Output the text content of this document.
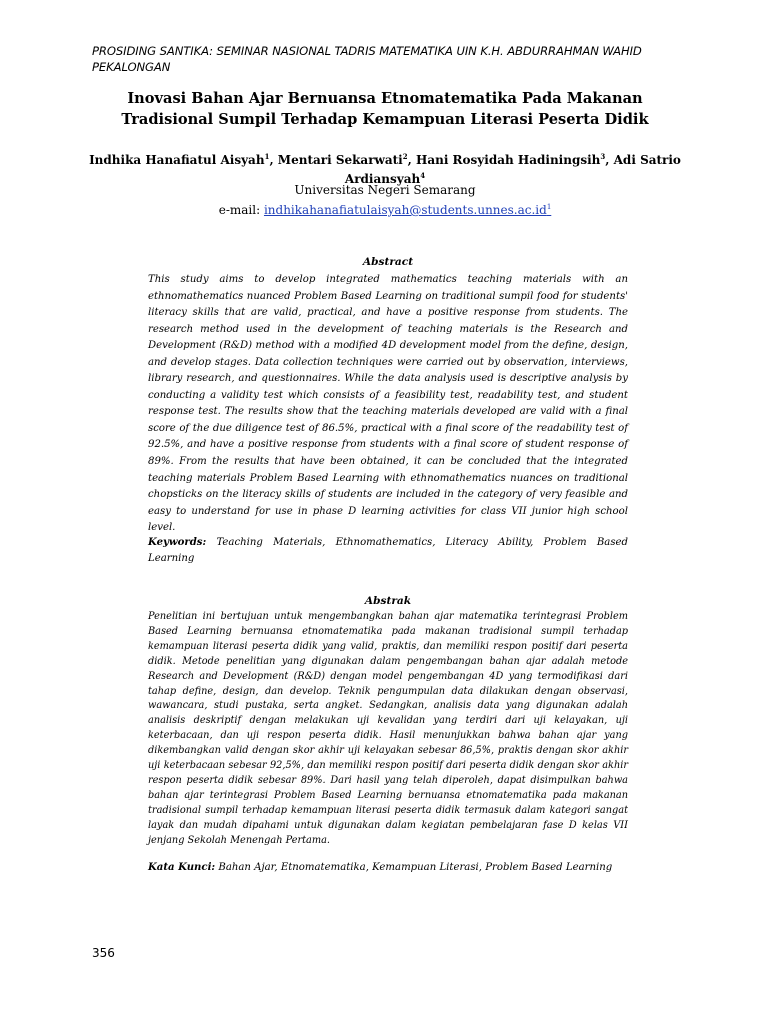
PROSIDING SANTIKA: SEMINAR NASIONAL TADRIS MATEMATIKA UIN K.H. ABDURRAHMAN WAHID PEKALONGAN
Inovasi Bahan Ajar Bernuansa Etnomatematika Pada Makanan Tradisional Sumpil Terhadap Kemampuan Literasi Peserta Didik
Indhika Hanafiatul Aisyah$^1$, Mentari Sekarwati$^2$, Hani Rosyidah Hadiningsih$^3$, Adi Satrio Ardiansyah$^4$
Universitas Negeri Semarang
e-mail: indhikahanafiatulaisyah@students.unnes.ac.id$^1$
Abstract
This study aims to develop integrated mathematics teaching materials with an ethnomathematics nuanced Problem Based Learning on traditional sumpil food for students' literacy skills that are valid, practical, and have a positive response from students. The research method used in the development of teaching materials is the Research and Development (R&D) method with a modified 4D development model from the define, design, and develop stages. Data collection techniques were carried out by observation, interviews, library research, and questionnaires. While the data analysis used is descriptive analysis by conducting a validity test which consists of a feasibility test, readability test, and student response test. The results show that the teaching materials developed are valid with a final score of the due diligence test of 86.5%, practical with a final score of the readability test of 92.5%, and have a positive response from students with a final score of student response of 89%. From the results that have been obtained, it can be concluded that the integrated teaching materials Problem Based Learning with ethnomathematics nuances on traditional chopsticks on the literacy skills of students are included in the category of very feasible and easy to understand for use in phase D learning activities for class VII junior high school level.
Keywords: Teaching Materials, Ethnomathematics, Literacy Ability, Problem Based Learning
Abstrak
Penelitian ini bertujuan untuk mengembangkan bahan ajar matematika terintegrasi Problem Based Learning bernuansa etnomatematika pada makanan tradisional sumpil terhadap kemampuan literasi peserta didik yang valid, praktis, dan memiliki respon positif dari peserta didik. Metode penelitian yang digunakan dalam pengembangan bahan ajar adalah metode Research and Development (R&D) dengan model pengembangan 4D yang termodifikasi dari tahap define, design, dan develop. Teknik pengumpulan data dilakukan dengan observasi, wawancara, studi pustaka, serta angket. Sedangkan, analisis data yang digunakan adalah analisis deskriptif dengan melakukan uji kevalidan yang terdiri dari uji kelayakan, uji keterbacaan, dan uji respon peserta didik. Hasil menunjukkan bahwa bahan ajar yang dikembangkan valid dengan skor akhir uji kelayakan sebesar 86,5%, praktis dengan skor akhir uji keterbacaan sebesar 92,5%, dan memiliki respon positif dari peserta didik dengan skor akhir respon peserta didik sebesar 89%. Dari hasil yang telah diperoleh, dapat disimpulkan bahwa bahan ajar terintegrasi Problem Based Learning bernuansa etnomatematika pada makanan tradisional sumpil terhadap kemampuan literasi peserta didik termasuk dalam kategori sangat layak dan mudah dipahami untuk digunakan dalam kegiatan pembelajaran fase D kelas VII jenjang Sekolah Menengah Pertama.
Kata Kunci: Bahan Ajar, Etnomatematika, Kemampuan Literasi, Problem Based Learning
356
